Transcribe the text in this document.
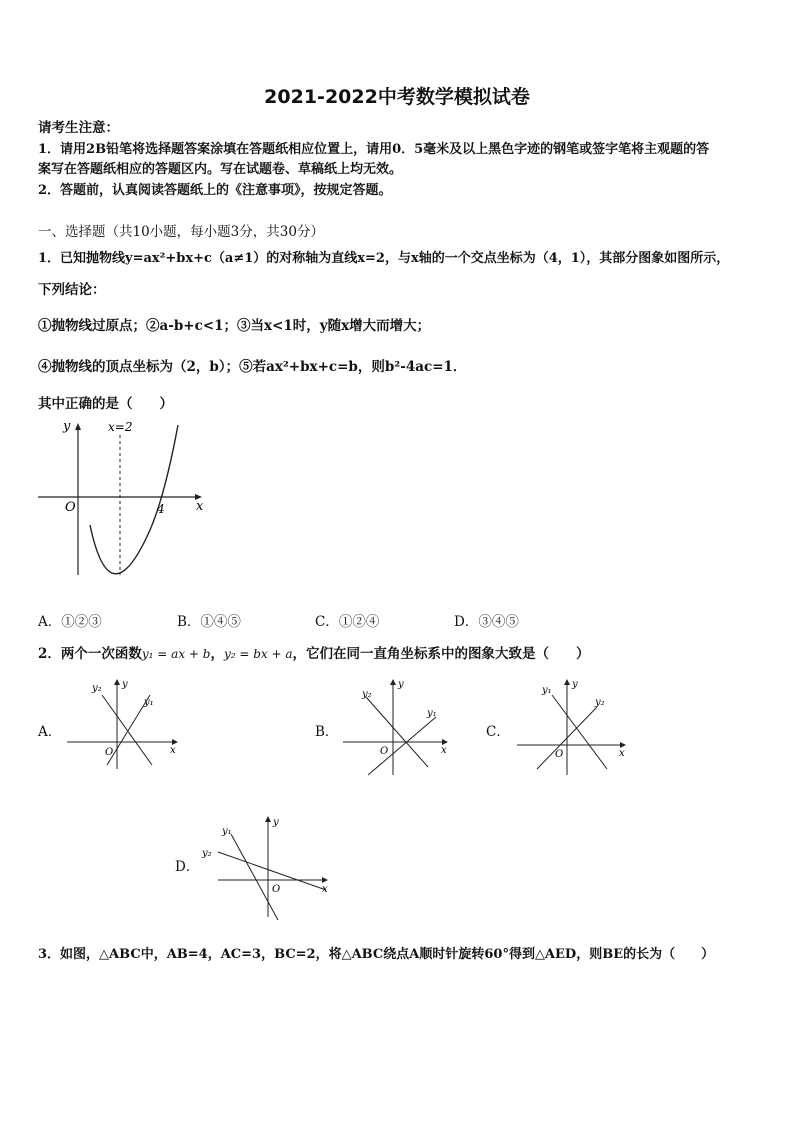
2021-2022中考数学模拟试卷
请考生注意：
1．请用2B铅笔将选择题答案涂填在答题纸相应位置上，请用0．5毫米及以上黑色字迹的钢笔或签字笔将主观题的答
案写在答题纸相应的答题区内。写在试题卷、草稿纸上均无效。
2．答题前，认真阅读答题纸上的《注意事项》，按规定答题。
一、选择题（共10小题，每小题3分，共30分）
1．已知抛物线y=ax²+bx+c（a≠1）的对称轴为直线x=2，与x轴的一个交点坐标为（4，1），其部分图象如图所示，
下列结论：
①抛物线过原点；②a-b+c<1；③当x<1时，y随x增大而增大；
④抛物线的顶点坐标为（2，b）；⑤若ax²+bx+c=b，则b²-4ac=1．
其中正确的是（　　）
y
x
O
x=2
4
A．①②③	B．①④⑤	C．①②④	D．③④⑤
2．两个一次函数y₁ = ax + b，y₂ = bx + a，它们在同一直角坐标系中的图象大致是（　　）
A．
y
x
O
y₁
y₂
B．
y
x
O
y₁
y₂
C．
y
x
O
y₁
y₂
D．
y
x
O
y₁
y₂
3．如图，△ABC中，AB=4，AC=3，BC=2，将△ABC绕点A顺时针旋转60°得到△AED，则BE的长为（　　）
